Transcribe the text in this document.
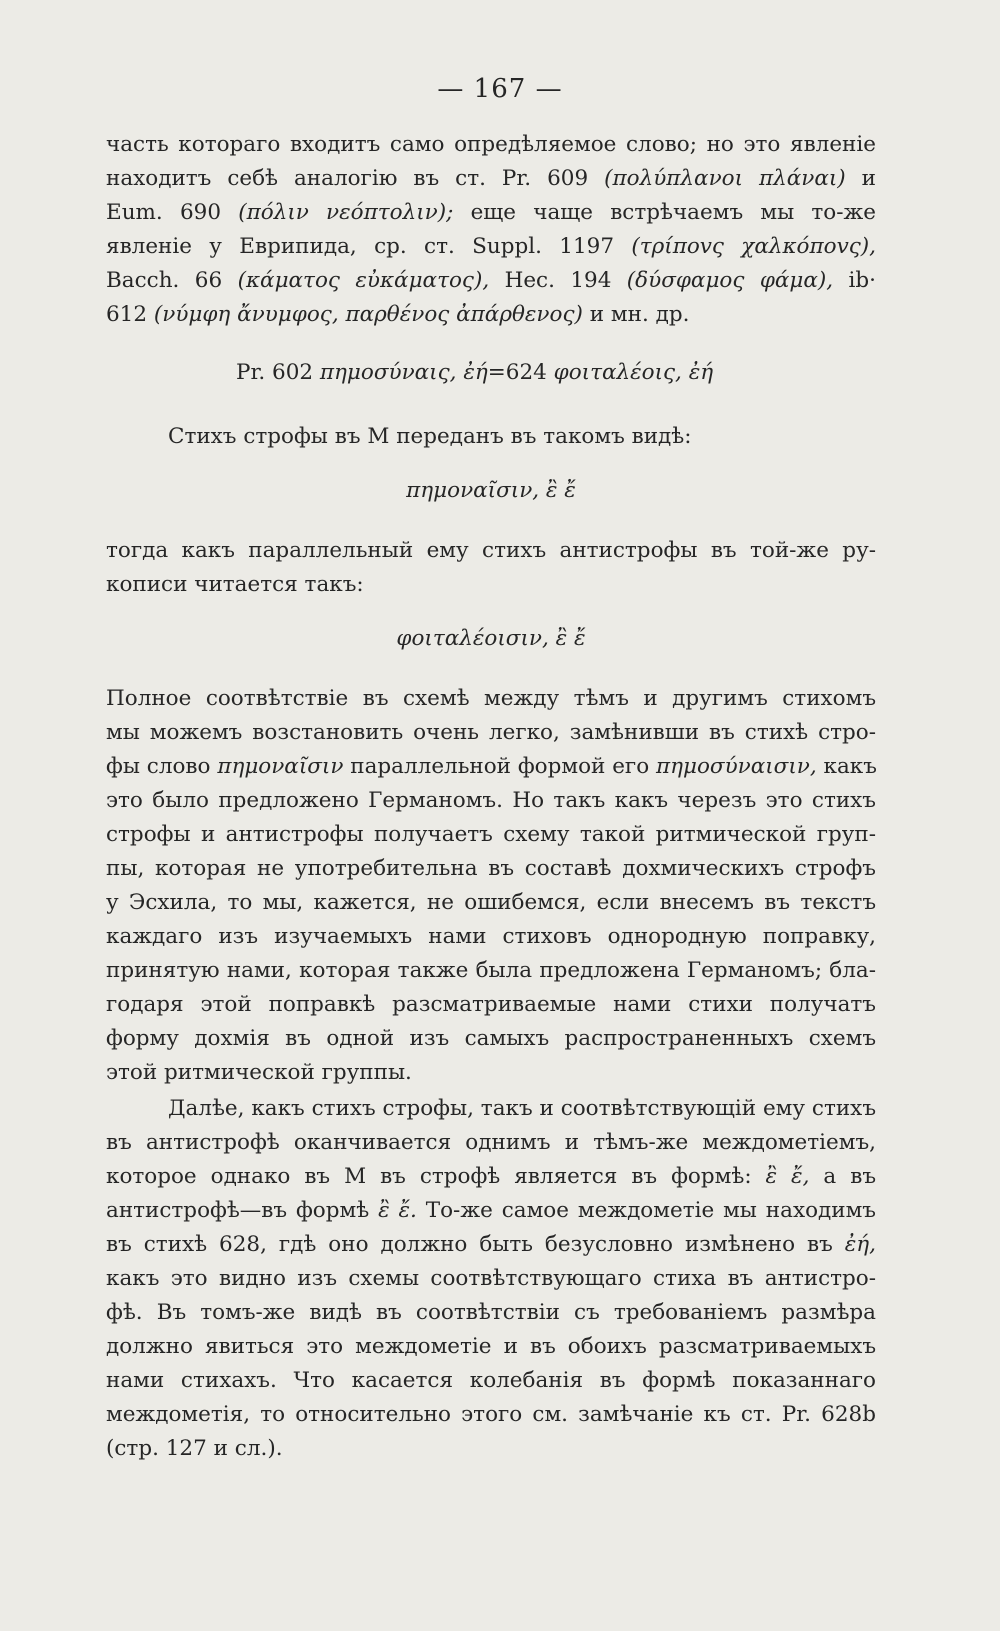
— 167 —
часть котораго входитъ само опредѣляемое слово; но это явленіе
находитъ себѣ аналогію въ ст. Pr. 609 (πολύπλανοι πλάναι) и
Eum. 690 (πόλιν νεόπτολιν); еще чаще встрѣчаемъ мы то-же
явленіе у Еврипида, ср. ст. Suppl. 1197 (τρίποvς χαλκόποvς),
Bacch. 66 (κάματος εὐκάματος), Hec. 194 (δύσφαμος φάμα), ib·
612 (νύμφη ἄνυμφος, παρθένος ἀπάρθενος) и мн. др.
Pr. 602 πημοσύναις, ἐή=624 φοιταλέοις, ἐή
Стихъ строфы въ М переданъ въ такомъ видѣ:
πημοναῖσιν, ἒ ἔ
тогда какъ параллельный ему стихъ антистрофы въ той-же ру-
кописи читается такъ:
φοιταλέοισιν, ἒ ἔ
Полное соотвѣтствіе въ схемѣ между тѣмъ и другимъ стихомъ
мы можемъ возстановить очень легко, замѣнивши въ стихѣ стро-
фы слово πημοναῖσιν параллельной формой его πημοσύναισιν, какъ
это было предложено Германомъ. Но такъ какъ черезъ это стихъ
строфы и антистрофы получаетъ схему такой ритмической груп-
пы, которая не употребительна въ составѣ дохмическихъ строфъ
у Эсхила, то мы, кажется, не ошибемся, если внесемъ въ текстъ
каждаго изъ изучаемыхъ нами стиховъ однородную поправку,
принятую нами, которая также была предложена Германомъ; бла-
годаря этой поправкѣ разсматриваемые нами стихи получатъ
форму дохмія въ одной изъ самыхъ распространенныхъ схемъ
этой ритмической группы.
Далѣе, какъ стихъ строфы, такъ и соотвѣтствующій ему стихъ
въ антистрофѣ оканчивается однимъ и тѣмъ-же междометіемъ,
которое однако въ М въ строфѣ является въ формѣ: ἒ ἔ, а въ
антистрофѣ—въ формѣ ἒ ἔ. То-же самое междометіе мы находимъ
въ стихѣ 628, гдѣ оно должно быть безусловно измѣнено въ ἐή,
какъ это видно изъ схемы соотвѣтствующаго стиха въ антистро-
фѣ. Въ томъ-же видѣ въ соотвѣтствіи съ требованіемъ размѣра
должно явиться это междометіе и въ обоихъ разсматриваемыхъ
нами стихахъ. Что касается колебанія въ формѣ показаннаго
междометія, то относительно этого см. замѣчаніе къ ст. Pr. 628b
(стр. 127 и сл.).
